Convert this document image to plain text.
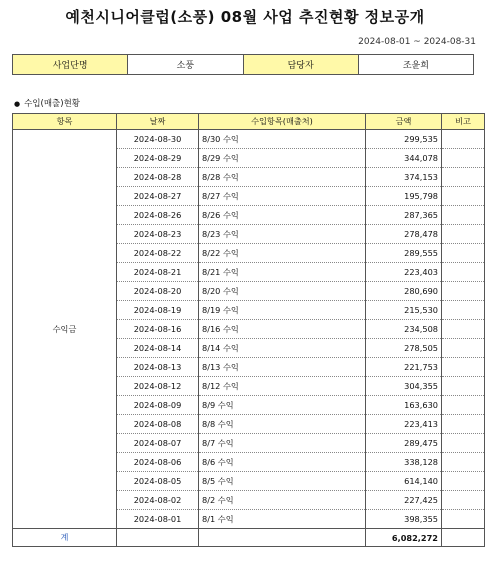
예천시니어클럽(소풍) 08월 사업 추진현황 정보공개
2024-08-01 ~ 2024-08-31
사업단명	소풍	담당자	조윤희
● 수입(매출)현황
항목	날짜	수입항목(매출처)	금액	비고
수익금	2024-08-30	8/30 수익	299,535	
	2024-08-29	8/29 수익	344,078	
	2024-08-28	8/28 수익	374,153	
	2024-08-27	8/27 수익	195,798	
	2024-08-26	8/26 수익	287,365	
	2024-08-23	8/23 수익	278,478	
	2024-08-22	8/22 수익	289,555	
	2024-08-21	8/21 수익	223,403	
	2024-08-20	8/20 수익	280,690	
	2024-08-19	8/19 수익	215,530	
	2024-08-16	8/16 수익	234,508	
	2024-08-14	8/14 수익	278,505	
	2024-08-13	8/13 수익	221,753	
	2024-08-12	8/12 수익	304,355	
	2024-08-09	8/9 수익	163,630	
	2024-08-08	8/8 수익	223,413	
	2024-08-07	8/7 수익	289,475	
	2024-08-06	8/6 수익	338,128	
	2024-08-05	8/5 수익	614,140	
	2024-08-02	8/2 수익	227,425	
	2024-08-01	8/1 수익	398,355	
계			6,082,272	
